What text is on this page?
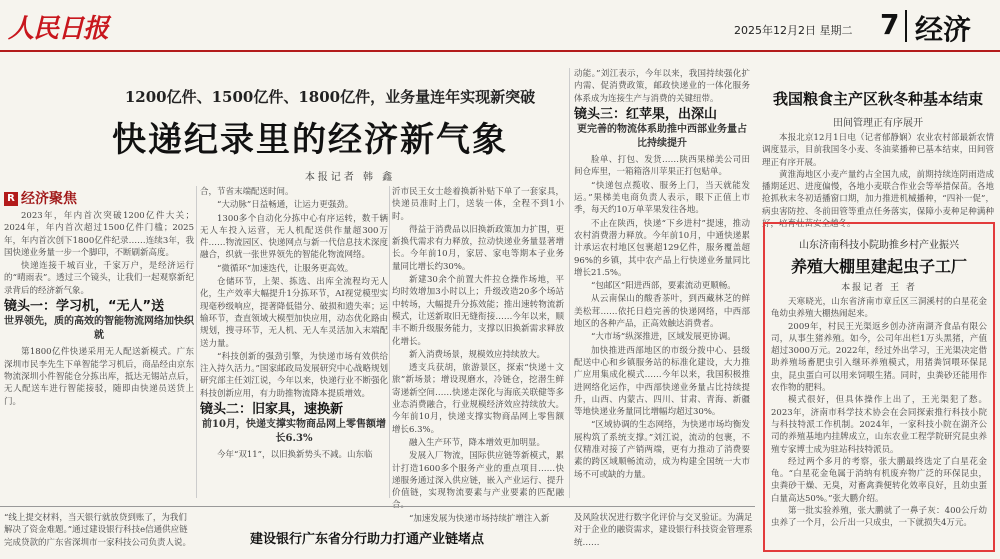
人民日报	2025年12月2日 星期二 7 经济
1200亿件、1500亿件、1800亿件，业务量连年实现新突破
快递纪录里的经济新气象
本报记者 韩 鑫
R 经济聚焦

2023年，年内首次突破1200亿件大关；2024年，年内首次超过1500亿件门槛；2025年，年内首次创下1800亿件纪录……连续3年，我国快递业务量一步一个脚印，不断刷新高度。

快递连接千城百业，千家万户，是经济运行的“晴雨表”。透过三个镜头，让我们一起观察新纪录背后的经济新气象。

镜头一：学习机，“无人”送
世界领先，质的高效的智能物流网络加快织就

第1800亿件快递采用无人配送新模式。广东深圳市民李先生下单智能学习机后，商品经由京东物流深圳小件智能仓分拣出库，抵达无锡站点后，无人配送车进行智能接驳，随即由快递员送货上门。

合，节省末端配送时间。

“大动脉”日益畅通，让运力更强劲。

1300多个自动化分拣中心有序运转，数千辆无人车投入运营，无人机配送供作量超300万件……物流园区、快递网点与新一代信息技术深度融合，织就一张世界领先的智能化物流网络。

“微循环”加速迭代，让服务更高效。

仓储环节，上架、拣选、出库全流程均无人化，生产效率大幅提升1分拣环节，AI视觉模型实现毫秒级响应，提著降低错分、破损和遗失率；运输环节，查直领域大模型加快应用，动态优化路由规划，搜寻环节，无人机、无人车灵活加入末端配送力量。

“科技创新的强劲引擎，为快递市场有效供给注入持久活力。”国家邮政局发展研究中心战略规划研究部主任刘江说，今年以来，快递行业不断强化科技创新应用，有力助推物流降本提质增效。

镜头二：旧家具，速换新
前10月，快递支撑实物商品网上零售额增长6.3%

今年“双11”，以旧换新势头不减。山东临

沂市民王女士趁着换新补贴下单了一套家具，快递员准时上门，送装一体，全程不到1小时。

得益于消费品以旧换新政策加力扩围，更新换代需求有力释放，拉动快递业务量显著增长。今年前10月，家居、家电等期本子业务量同比增长约30%。

新建30余个前置大件拉仓操作场地，平均时效增加3小时以上；升级改造20多个场站中转场，大幅提升分拣效能；推出速转物流新模式，让送新取旧无缝衔接……今年以来，顺丰不断升级服务能力，支撑以旧换新需求释放化增长。

新入消费场景，规模效应持续放大。

透支兵获胡，旅游景区，探索“快递＋文旅”新场景；增设现磨水，冷链仓，挖潜生鲜寄递新空间……快递走深化与海底关联健等多业态消费融合，行业规模经济效应持续放大。今年前10月，快递支撑实物商品网上零售额增长6.3%。

融入生产环节，降本增效更加明显。

发展入厂物流，国际供应链等新模式，累计打造1600多个服务产业的重点项目……快递服务通过深入供应链，嵌入产业运行、提升价值链，实现物流要素与产业要素的匹配融

“加速发展为快递市场持续扩增注入新

动能。”刘江表示，今年以来，我国持续强化扩内需、促消费政策，邮政快递业的一体化服务体系成为连接生产与消费的关键纽带。

镜头三：红苹果，出深山
更完善的物流体系助推中西部业务量占比持续提升

脸单、打包、发货……陕西果梯美公司田间仓库里，一箱箱洛川苹果正打包贴单。

“快递包点揽收、服务上门，当天就能发运。”果梯美电商负责人表示，眼下正值上市季，每天约10万单苹果发往各地。

不止在陕西，快递“下乡进村”提速，推动农村消费潜力释放。今年前10月，中通快递累计承运农村地区包裹超129亿件，服务覆盖超96%的乡镇，其中农产品上行快递业务量同比增长21.5%。

“包邮区”阳进西部，要素流动更顺畅。

从云南保山的酸香茶叶，到西藏林芝的鲜美松茸……依托日趋完善的快递网络，中西部地区的各种产品，正高效触达消费者。

“大市场”纵深推进，区域发展更协调。

加快推进西部地区的市级分拨中心、县级配送中心和乡镇服务站的标准化建设，大力推广应用集成化模式……今年以来，我国积极推进网络化运作，中西部快递业务量占比持续提升，山西、内蒙古、四川、甘肃、青海、新疆等地快递业务量同比增幅均超过30%。

“区域协调的生态网络，为快递市场均衡发展构筑了系统支撑。”刘江说，流动的包裹，不仅精准对接了产销两端，更有力推动了消费要素的跨区域顺畅流动，成为构建全国统一大市场不可或缺的力量。

我国粮食主产区秋冬种基本结束
田间管理正有序展开

本报北京12月1日电（记者郁静娴）农业农村部最新农情调度显示，目前我国冬小麦、冬油菜播种已基本结束，田间管理正有序开展。

黄淮海地区小麦产量约占全国九成，前期持续连阴雨造成播期延迟、进度偏慢，各地小麦联合作业会等举措保苗。各地抢抓秋末冬初适播窗口期，加力推进机械播种，“四补一促”，病虫害防控、冬前田管等重点任务落实，保障小麦种足种满种好，培育壮苗安全越冬。

山东济南科技小院助推乡村产业振兴
养殖大棚里建起虫子工厂
本报记者 王 者

天寒晓光，山东省济南市章丘区三洞溪村的白星花金龟幼虫养殖大棚热闹起来。

2009年，村民王光渠返乡创办济南湖齐食品有限公司，从事生猪养殖。如今，公司年出栏1万头黑猪，产值超过3000万元。2022年，经过外出学习，王光渠决定借助养殖场畜肥虫引入继环养殖模式，用猪粪饲喂环保昆虫，昆虫蛋白可以用来饲喂生猪。同时，虫粪砂还能用作农作物的肥料。

模式很好，但具体操作上出了，王光渠犯了愁。2023年，济南市科学技术协会在会同探索推行科技小院与科技特派工作机制。2024年，一家科技小院在湖齐公司的养殖基地内挂牌成立，山东农业工程学院研究昆虫养殖专家博士成为驻站科技特派员。

经过两个多月的考察，张大鹏最终选定了白星花金龟。“白星花金龟属于消纳有机废弃物广泛的环保昆虫，虫粪砂干燥、无臭，对畜禽粪便转化效率良好，且幼虫蛋白量高达50%。”张大鹏介绍。

第一批实验养殖，张大鹏就了一鼻子灰：400公斤幼虫养了一个月，公斤出一只成虫，一下就损失4万元。

“线上提交材料，当天银行就放贷到账了，为我们解决了资金难题。”通过建设银行科技e信通供应链完成贷款的广东省深圳市一家科技公司负责人说。	建设银行广东省分行助力打通产业链堵点
及风险状况进行数字化评价与交叉验证。为满足对于企业的融资需求，建设银行科技资金管理系统……
